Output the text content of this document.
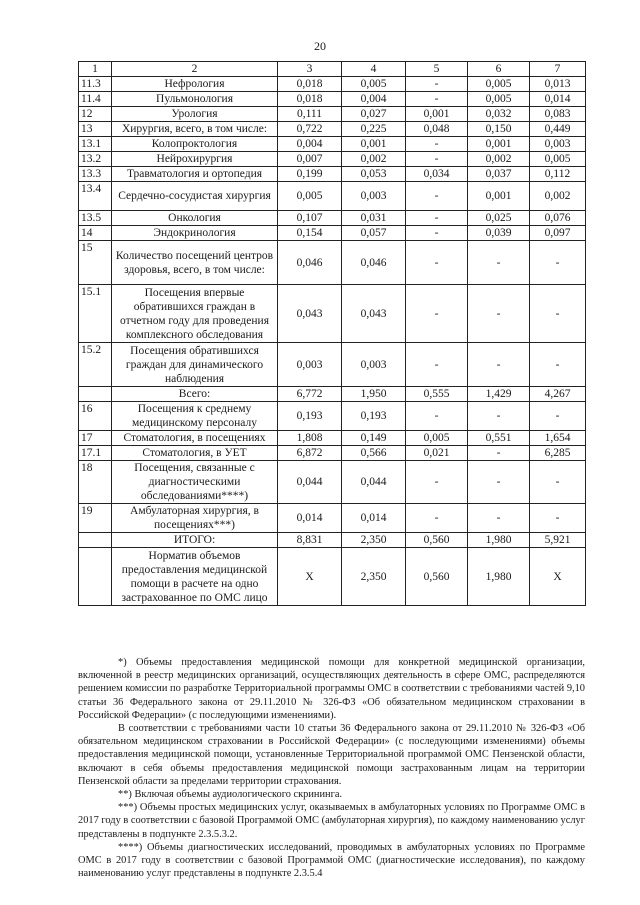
20
1	2	3	4	5	6	7
11.3	Нефрология	0,018	0,005	-	0,005	0,013
11.4	Пульмонология	0,018	0,004	-	0,005	0,014
12	Урология	0,111	0,027	0,001	0,032	0,083
13	Хирургия, всего, в том числе:	0,722	0,225	0,048	0,150	0,449
13.1	Колопроктология	0,004	0,001	-	0,001	0,003
13.2	Нейрохирургия	0,007	0,002	-	0,002	0,005
13.3	Травматология и ортопедия	0,199	0,053	0,034	0,037	0,112
13.4	Сердечно-сосудистая хирургия	0,005	0,003	-	0,001	0,002
13.5	Онкология	0,107	0,031	-	0,025	0,076
14	Эндокринология	0,154	0,057	-	0,039	0,097
15	Количество посещений центров здоровья, всего, в том числе:	0,046	0,046	-	-	-
15.1	Посещения впервые обратившихся граждан в отчетном году для проведения комплексного обследования	0,043	0,043	-	-	-
15.2	Посещения обратившихся граждан для динамического наблюдения	0,003	0,003	-	-	-
	Всего:	6,772	1,950	0,555	1,429	4,267
16	Посещения к среднему медицинскому персоналу	0,193	0,193	-	-	-
17	Стоматология, в посещениях	1,808	0,149	0,005	0,551	1,654
17.1	Стоматология, в УЕТ	6,872	0,566	0,021	-	6,285
18	Посещения, связанные с диагностическими обследованиями****)	0,044	0,044	-	-	-
19	Амбулаторная хирургия, в посещениях***)	0,014	0,014	-	-	-
	ИТОГО:	8,831	2,350	0,560	1,980	5,921
	Норматив объемов предоставления медицинской помощи в расчете на одно застрахованное по ОМС лицо	X	2,350	0,560	1,980	X

*) Объемы предоставления медицинской помощи для конкретной медицинской организации, включенной в реестр медицинских организаций, осуществляющих деятельность в сфере ОМС, распределяются решением комиссии по разработке Территориальной программы ОМС в соответствии с требованиями частей 9,10 статьи 36 Федерального закона от 29.11.2010 № 326-ФЗ «Об обязательном медицинском страховании в Российской Федерации» (с последующими изменениями).

В соответствии с требованиями части 10 статьи 36 Федерального закона от 29.11.2010 № 326-ФЗ «Об обязательном медицинском страховании в Российской Федерации» (с последующими изменениями) объемы предоставления медицинской помощи, установленные Территориальной программой ОМС Пензенской области, включают в себя объемы предоставления медицинской помощи застрахованным лицам на территории Пензенской области за пределами территории страхования.

**) Включая объемы аудиологического скрининга.

***) Объемы простых медицинских услуг, оказываемых в амбулаторных условиях по Программе ОМС в 2017 году в соответствии с базовой Программой ОМС (амбулаторная хирургия), по каждому наименованию услуг представлены в подпункте 2.3.5.3.2.

****) Объемы диагностических исследований, проводимых в амбулаторных условиях по Программе ОМС в 2017 году в соответствии с базовой Программой ОМС (диагностические исследования), по каждому наименованию услуг представлены в подпункте 2.3.5.4
